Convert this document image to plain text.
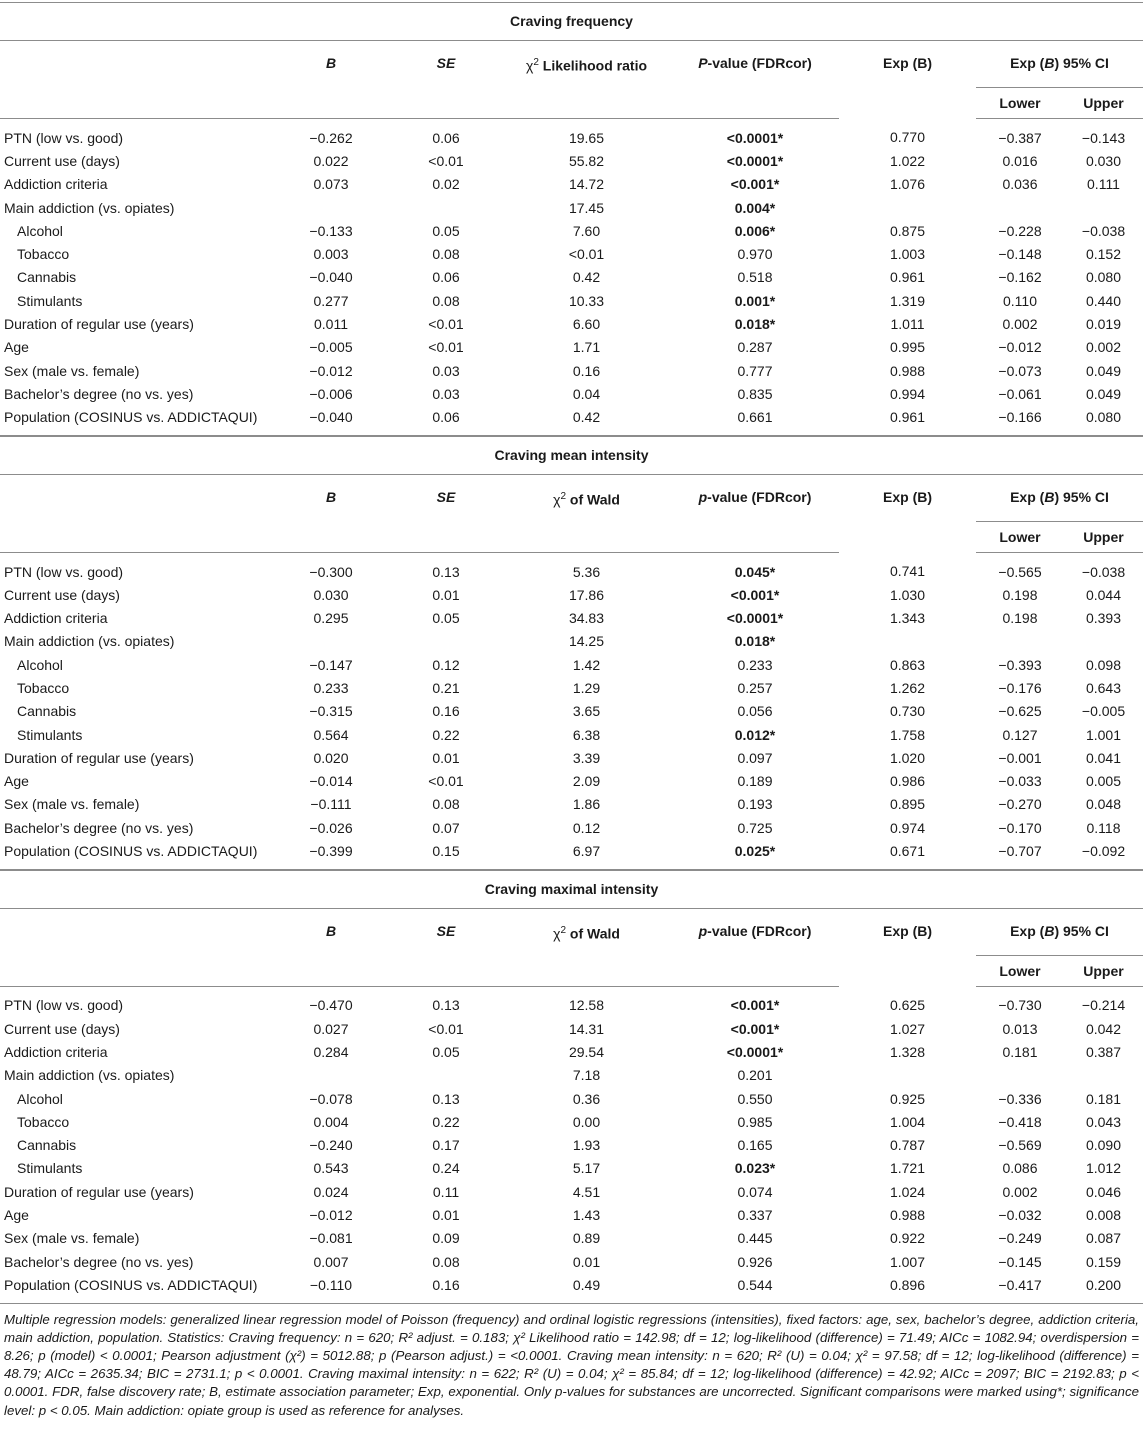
Craving frequency
	B	SE	$\chi^2$ Likelihood ratio	P-value (FDRcor)	Exp (B)	Exp (B) 95% CI	
						Lower	Upper
PTN (low vs. good)	−0.262	0.06	19.65	<0.0001*	0.770	−0.387	−0.143
Current use (days)	0.022	<0.01	55.82	<0.0001*	1.022	0.016	0.030
Addiction criteria	0.073	0.02	14.72	<0.001*	1.076	0.036	0.111
Main addiction (vs. opiates)			17.45	0.004*			
Alcohol	−0.133	0.05	7.60	0.006*	0.875	−0.228	−0.038
Tobacco	0.003	0.08	<0.01	0.970	1.003	−0.148	0.152
Cannabis	−0.040	0.06	0.42	0.518	0.961	−0.162	0.080
Stimulants	0.277	0.08	10.33	0.001*	1.319	0.110	0.440
Duration of regular use (years)	0.011	<0.01	6.60	0.018*	1.011	0.002	0.019
Age	−0.005	<0.01	1.71	0.287	0.995	−0.012	0.002
Sex (male vs. female)	−0.012	0.03	0.16	0.777	0.988	−0.073	0.049
Bachelor’s degree (no vs. yes)	−0.006	0.03	0.04	0.835	0.994	−0.061	0.049
Population (COSINUS vs. ADDICTAQUI)	−0.040	0.06	0.42	0.661	0.961	−0.166	0.080
Craving mean intensity
	B	SE	$\chi^2$ of Wald	p-value (FDRcor)	Exp (B)	Exp (B) 95% CI	
						Lower	Upper
PTN (low vs. good)	−0.300	0.13	5.36	0.045*	0.741	−0.565	−0.038
Current use (days)	0.030	0.01	17.86	<0.001*	1.030	0.198	0.044
Addiction criteria	0.295	0.05	34.83	<0.0001*	1.343	0.198	0.393
Main addiction (vs. opiates)			14.25	0.018*			
Alcohol	−0.147	0.12	1.42	0.233	0.863	−0.393	0.098
Tobacco	0.233	0.21	1.29	0.257	1.262	−0.176	0.643
Cannabis	−0.315	0.16	3.65	0.056	0.730	−0.625	−0.005
Stimulants	0.564	0.22	6.38	0.012*	1.758	0.127	1.001
Duration of regular use (years)	0.020	0.01	3.39	0.097	1.020	−0.001	0.041
Age	−0.014	<0.01	2.09	0.189	0.986	−0.033	0.005
Sex (male vs. female)	−0.111	0.08	1.86	0.193	0.895	−0.270	0.048
Bachelor’s degree (no vs. yes)	−0.026	0.07	0.12	0.725	0.974	−0.170	0.118
Population (COSINUS vs. ADDICTAQUI)	−0.399	0.15	6.97	0.025*	0.671	−0.707	−0.092
Craving maximal intensity
	B	SE	$\chi^2$ of Wald	p-value (FDRcor)	Exp (B)	Exp (B) 95% CI	
						Lower	Upper
PTN (low vs. good)	−0.470	0.13	12.58	<0.001*	0.625	−0.730	−0.214
Current use (days)	0.027	<0.01	14.31	<0.001*	1.027	0.013	0.042
Addiction criteria	0.284	0.05	29.54	<0.0001*	1.328	0.181	0.387
Main addiction (vs. opiates)			7.18	0.201			
Alcohol	−0.078	0.13	0.36	0.550	0.925	−0.336	0.181
Tobacco	0.004	0.22	0.00	0.985	1.004	−0.418	0.043
Cannabis	−0.240	0.17	1.93	0.165	0.787	−0.569	0.090
Stimulants	0.543	0.24	5.17	0.023*	1.721	0.086	1.012
Duration of regular use (years)	0.024	0.11	4.51	0.074	1.024	0.002	0.046
Age	−0.012	0.01	1.43	0.337	0.988	−0.032	0.008
Sex (male vs. female)	−0.081	0.09	0.89	0.445	0.922	−0.249	0.087
Bachelor’s degree (no vs. yes)	0.007	0.08	0.01	0.926	1.007	−0.145	0.159
Population (COSINUS vs. ADDICTAQUI)	−0.110	0.16	0.49	0.544	0.896	−0.417	0.200
Multiple regression models: generalized linear regression model of Poisson (frequency) and ordinal logistic regressions (intensities), fixed factors: age, sex, bachelor’s degree, addiction criteria, main addiction, population. Statistics: Craving frequency: n = 620; R² adjust. = 0.183; χ² Likelihood ratio = 142.98; df = 12; log-likelihood (difference) = 71.49; AICc = 1082.94; overdispersion = 8.26; p (model) < 0.0001; Pearson adjustment (χ²) = 5012.88; p (Pearson adjust.) = <0.0001. Craving mean intensity: n = 620; R² (U) = 0.04; χ² = 97.58; df = 12; log-likelihood (difference) = 48.79; AICc = 2635.34; BIC = 2731.1; p < 0.0001. Craving maximal intensity: n = 622; R² (U) = 0.04; χ² = 85.84; df = 12; log-likelihood (difference) = 42.92; AICc = 2097; BIC = 2192.83; p < 0.0001. FDR, false discovery rate; B, estimate association parameter; Exp, exponential. Only p-values for substances are uncorrected. Significant comparisons were marked using*; significance level: p < 0.05. Main addiction: opiate group is used as reference for analyses.
